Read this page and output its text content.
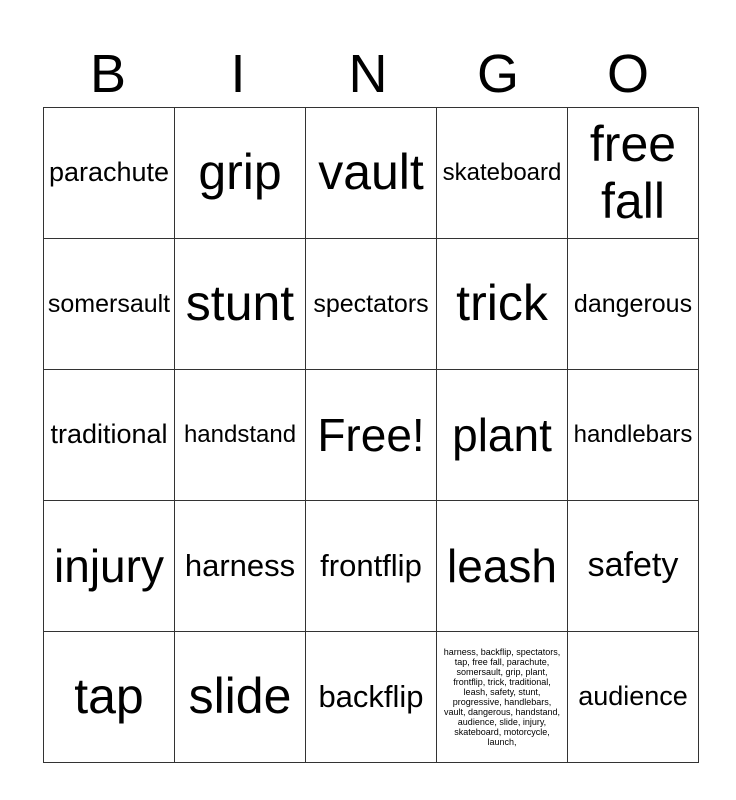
B	I	N	G	O
parachute	grip	vault	skateboard	free fall
somersault	stunt	spectators	trick	dangerous
traditional	handstand	Free!	plant	handlebars
injury	harness	frontflip	leash	safety
tap	slide	backflip	harness, backflip, spectators, tap, free fall, parachute, somersault, grip, plant, frontflip, trick, traditional, leash, safety, stunt, progressive, handlebars, vault, dangerous, handstand, audience, slide, injury, skateboard, motorcycle, launch,	audience
